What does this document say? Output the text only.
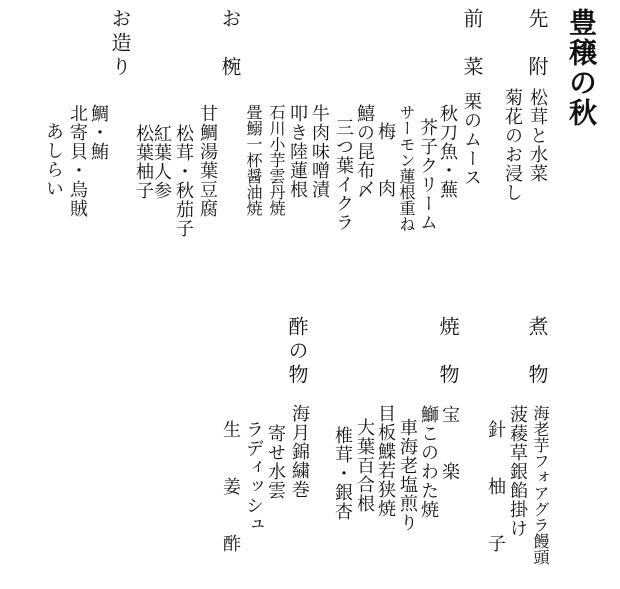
豊穣の秋
先　附
松茸と水菜
菊花のお浸し
前　菜
栗のムース
秋刀魚・蕪
芥子クリーム
サーモン蓮根重ね
梅　　肉
鱚の昆布〆
三つ葉イクラ
牛肉味噌漬
叩き陸蓮根
石川小芋雲丹焼
畳鰯一杯醤油焼
お　椀
甘鯛湯葉豆腐
松茸・秋茄子
紅葉人参
松葉柚子
お造り
鯛・鮪
北寄貝・烏賊
あしらい
煮　物
海老芋フォアグラ饅頭
菠薐草銀餡掛け
針　　柚　　子
焼　物
宝　　楽
鰤このわた焼
車海老塩煎り
目板鰈若狭焼
大葉百合根
椎茸・銀杏
酢の物
海月錦繍巻
寄せ水雲
ラディッシュ
生　　姜　　酢
